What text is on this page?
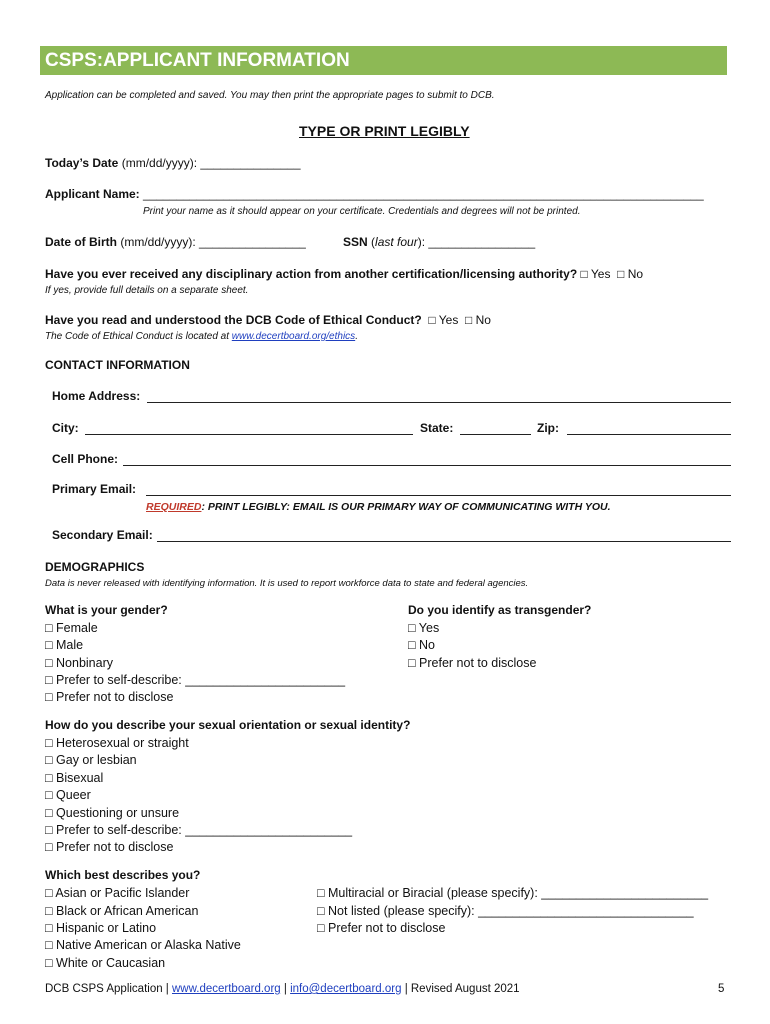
CSPS:APPLICANT INFORMATION
Application can be completed and saved. You may then print the appropriate pages to submit to DCB.
TYPE OR PRINT LEGIBLY
Today’s Date (mm/dd/yyyy): _______________
Applicant Name: ____________________________________________________________________________________
Print your name as it should appear on your certificate. Credentials and degrees will not be printed.
Date of Birth (mm/dd/yyyy): ________________	SSN (last four): ________________
Have you ever received any disciplinary action from another certification/licensing authority? □ Yes □ No
If yes, provide full details on a separate sheet.
Have you read and understood the DCB Code of Ethical Conduct? □ Yes □ No
The Code of Ethical Conduct is located at www.decertboard.org/ethics.
CONTACT INFORMATION
Home Address:
City:	State:	Zip:
Cell Phone:
Primary Email:
REQUIRED: PRINT LEGIBLY: EMAIL IS OUR PRIMARY WAY OF COMMUNICATING WITH YOU.
Secondary Email:
DEMOGRAPHICS
Data is never released with identifying information. It is used to report workforce data to state and federal agencies.
What is your gender?
□ Female
□ Male
□ Nonbinary
□ Prefer to self-describe: _______________________
□ Prefer not to disclose
Do you identify as transgender?
□ Yes
□ No
□ Prefer not to disclose
How do you describe your sexual orientation or sexual identity?
□ Heterosexual or straight
□ Gay or lesbian
□ Bisexual
□ Queer
□ Questioning or unsure
□ Prefer to self-describe: ________________________
□ Prefer not to disclose
Which best describes you?
□ Asian or Pacific Islander
□ Black or African American
□ Hispanic or Latino
□ Native American or Alaska Native
□ White or Caucasian
□ Multiracial or Biracial (please specify): ________________________
□ Not listed (please specify): _______________________________
□ Prefer not to disclose
DCB CSPS Application | www.decertboard.org | info@decertboard.org | Revised August 2021	5
